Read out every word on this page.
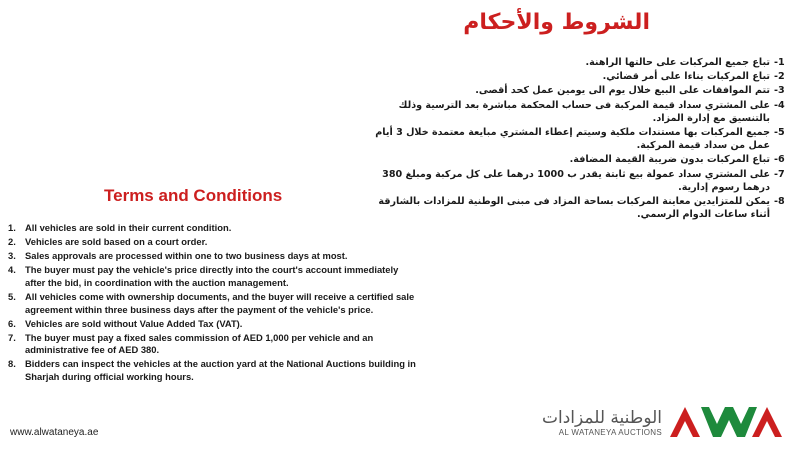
الشروط والأحكام
-1
تباع جميع المركبات على حالتها الراهنة.
-2
تباع المركبات بناءا على أمر قضائي.
-3
تتم الموافقات على البيع خلال يوم الى يومين عمل كحد أقصى.
-4
على المشتري سداد قيمة المركبة فى حساب المحكمة مباشرة بعد الترسية وذلك بالتنسيق مع إدارة المزاد.
-5
جميع المركبات بها مستندات ملكية وسيتم إعطاء المشتري مبايعة معتمدة خلال 3 أيام عمل من سداد قيمة المركبة.
-6
تباع المركبات بدون ضريبة القيمة المضافة.
-7
على المشتري سداد عمولة بيع ثابتة يقدر ب 1000 درهما على كل مركبة ومبلغ 380 درهما رسوم إدارية.
-8
يمكن للمتزايدين معاينة المركبات بساحة المزاد فى مبنى الوطنية للمزادات بالشارقة أثناء ساعات الدوام الرسمي.
Terms and Conditions
1. All vehicles are sold in their current condition.
2. Vehicles are sold based on a court order.
3. Sales approvals are processed within one to two business days at most.
4. The buyer must pay the vehicle's price directly into the court's account immediately after the bid, in coordination with the auction management.
5. All vehicles come with ownership documents, and the buyer will receive a certified sale agreement within three business days after the payment of the vehicle's price.
6. Vehicles are sold without Value Added Tax (VAT).
7. The buyer must pay a fixed sales commission of AED 1,000 per vehicle and an administrative fee of AED 380.
8. Bidders can inspect the vehicles at the auction yard at the National Auctions building in Sharjah during official working hours.
www.alwataneya.ae
الوطنية للمزادات
AL WATANEYA AUCTIONS
